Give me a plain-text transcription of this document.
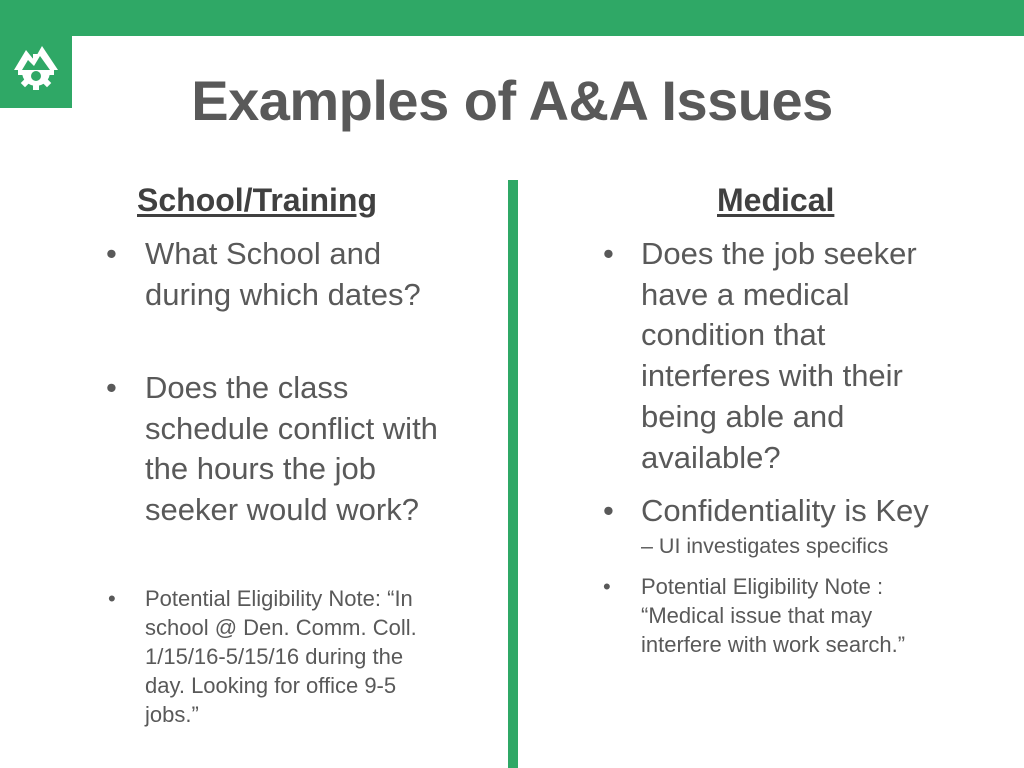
Examples of A&A Issues
School/Training
• What School and during which dates?
• Does the class schedule conflict with the hours the job seeker would work?
• Potential Eligibility Note: “In school @ Den. Comm. Coll. 1/15/16-5/15/16 during the day. Looking for office 9-5 jobs.”
Medical
• Does the job seeker have a medical condition that interferes with their being able and available?
• Confidentiality is Key
– UI investigates specifics
• Potential Eligibility Note : “Medical issue that may interfere with work search.”
